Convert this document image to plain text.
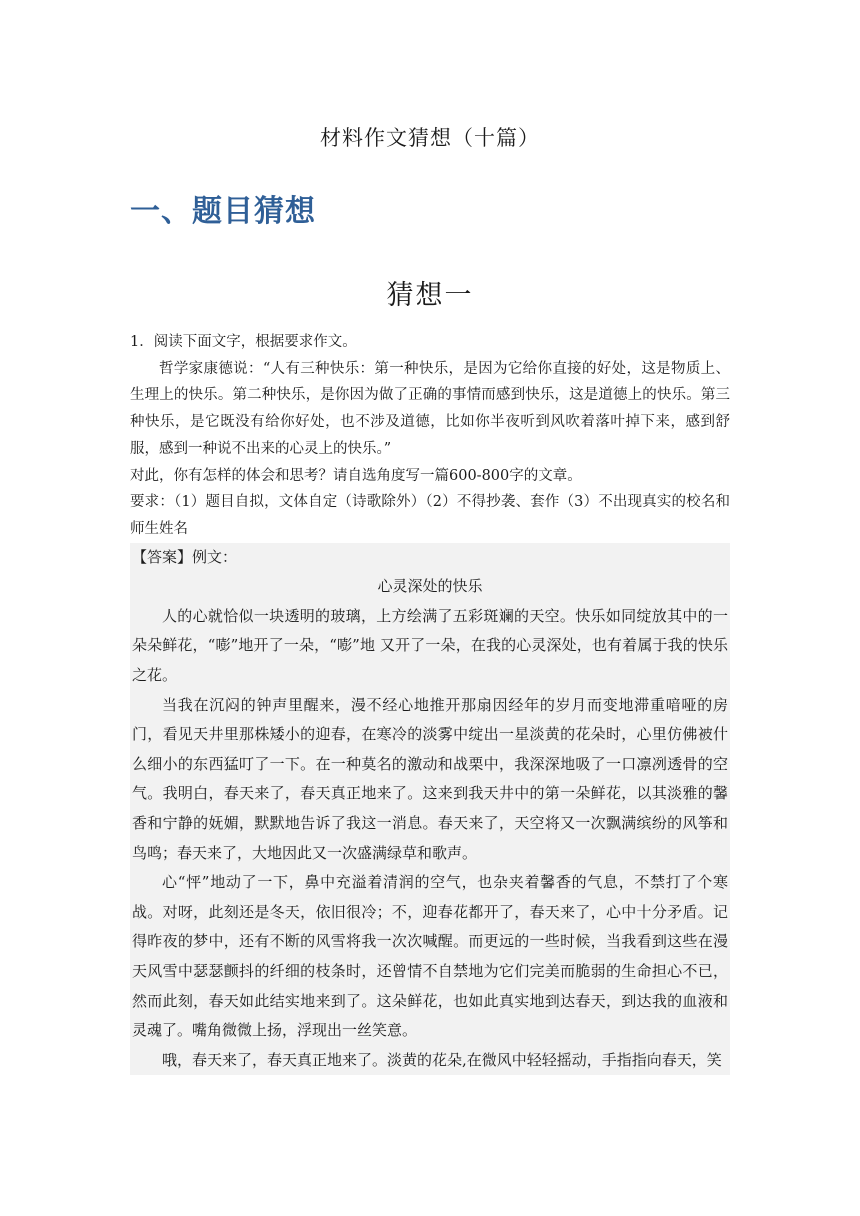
材料作文猜想（十篇）
一、题目猜想
猜想一

1．阅读下面文字，根据要求作文。

哲学家康德说：“人有三种快乐：第一种快乐，是因为它给你直接的好处，这是物质上、生理上的快乐。第二种快乐，是你因为做了正确的事情而感到快乐，这是道德上的快乐。第三种快乐，是它既没有给你好处，也不涉及道德，比如你半夜听到风吹着落叶掉下来，感到舒服，感到一种说不出来的心灵上的快乐。”

对此，你有怎样的体会和思考？请自选角度写一篇600-800字的文章。

要求：（1）题目自拟，文体自定（诗歌除外）（2）不得抄袭、套作（3）不出现真实的校名和师生姓名

【答案】例文：

心灵深处的快乐

人的心就恰似一块透明的玻璃，上方绘满了五彩斑斓的天空。快乐如同绽放其中的一朵朵鲜花，“嘭”地开了一朵，“嘭”地 又开了一朵，在我的心灵深处，也有着属于我的快乐之花。

当我在沉闷的钟声里醒来，漫不经心地推开那扇因经年的岁月而变地滞重喑哑的房门，看见天井里那株矮小的迎春，在寒冷的淡雾中绽出一星淡黄的花朵时，心里仿佛被什么细小的东西猛叮了一下。在一种莫名的激动和战栗中，我深深地吸了一口凛冽透骨的空气。我明白，春天来了，春天真正地来了。这来到我天井中的第一朵鲜花，以其淡雅的馨香和宁静的妩媚，默默地告诉了我这一消息。春天来了，天空将又一次飘满缤纷的风筝和鸟鸣；春天来了，大地因此又一次盛满绿草和歌声。

心“怦”地动了一下，鼻中充溢着清润的空气，也杂夹着馨香的气息，不禁打了个寒战。对呀，此刻还是冬天，依旧很冷；不，迎春花都开了，春天来了，心中十分矛盾。记得昨夜的梦中，还有不断的风雪将我一次次喊醒。而更远的一些时候，当我看到这些在漫天风雪中瑟瑟颤抖的纤细的枝条时，还曾情不自禁地为它们完美而脆弱的生命担心不已，然而此刻，春天如此结实地来到了。这朵鲜花，也如此真实地到达春天，到达我的血液和灵魂了。嘴角微微上扬，浮现出一丝笑意。

哦，春天来了，春天真正地来了。淡黄的花朵,在微风中轻轻摇动，手指指向春天，笑
